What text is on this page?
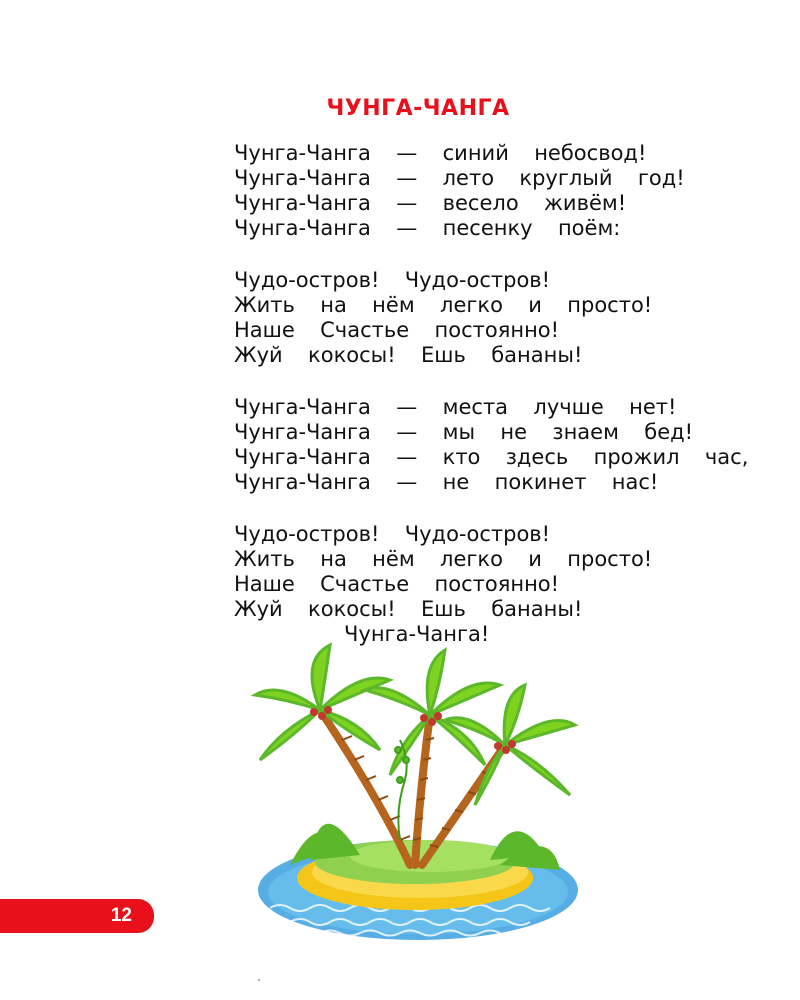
ЧУНГА-ЧАНГА
Чунга-Чанга  —  синий  небосвод!
Чунга-Чанга  —  лето  круглый  год!
Чунга-Чанга  —  весело  живём!
Чунга-Чанга  —  песенку  поём:
Чудо-остров!  Чудо-остров!
Жить  на  нём  легко  и  просто!
Наше  Счастье  постоянно!
Жуй  кокосы!  Ешь  бананы!
Чунга-Чанга  —  места  лучше  нет!
Чунга-Чанга  —  мы  не  знаем  бед!
Чунга-Чанга  —  кто  здесь  прожил  час,
Чунга-Чанга  —  не  покинет  нас!
Чудо-остров!  Чудо-остров!
Жить  на  нём  легко  и  просто!
Наше  Счастье  постоянно!
Жуй  кокосы!  Ешь  бананы!
Чунга-Чанга!
12
